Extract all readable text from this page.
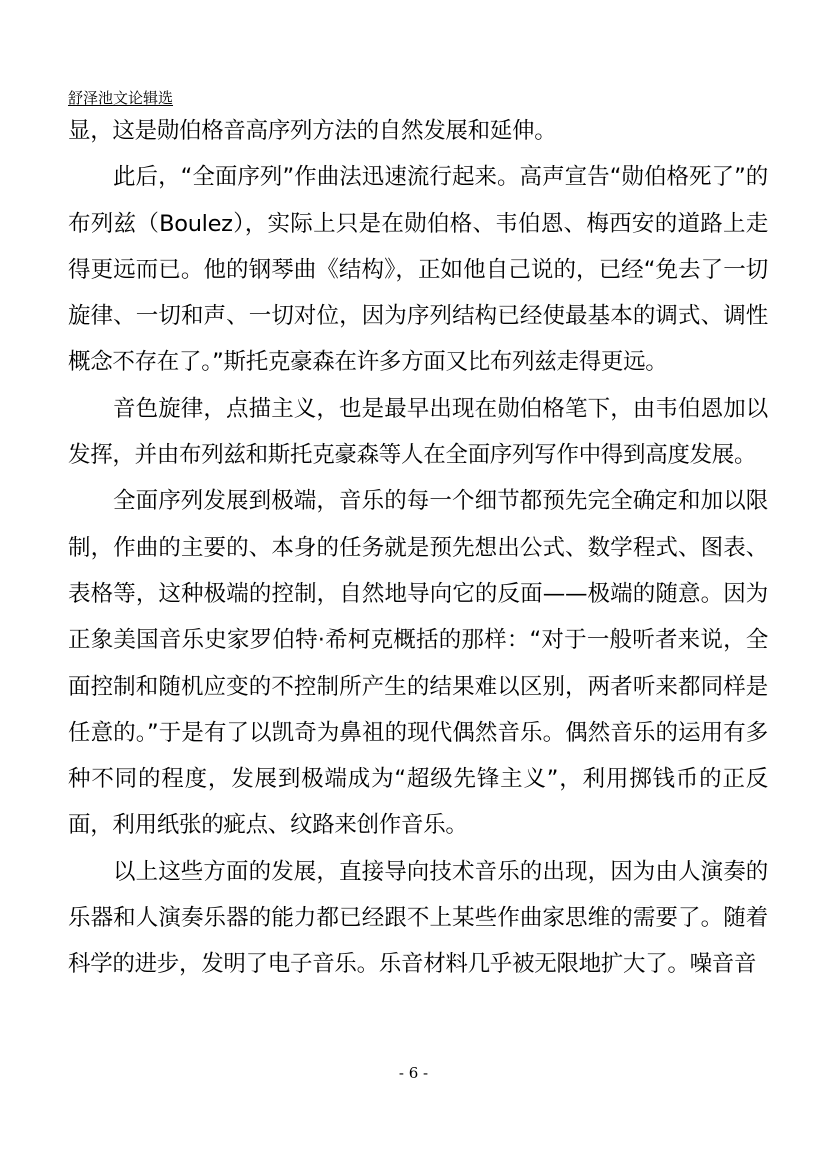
舒泽池文论辑选

显，这是勋伯格音高序列方法的自然发展和延伸。

此后，“全面序列”作曲法迅速流行起来。高声宣告“勋伯格死了”的布列兹（Boulez），实际上只是在勋伯格、韦伯恩、梅西安的道路上走得更远而已。他的钢琴曲《结构》，正如他自己说的，已经“免去了一切旋律、一切和声、一切对位，因为序列结构已经使最基本的调式、调性概念不存在了。”斯托克豪森在许多方面又比布列兹走得更远。

音色旋律，点描主义，也是最早出现在勋伯格笔下，由韦伯恩加以发挥，并由布列兹和斯托克豪森等人在全面序列写作中得到高度发展。

全面序列发展到极端，音乐的每一个细节都预先完全确定和加以限制，作曲的主要的、本身的任务就是预先想出公式、数学程式、图表、表格等，这种极端的控制，自然地导向它的反面——极端的随意。因为正象美国音乐史家罗伯特·希柯克概括的那样：“对于一般听者来说，全面控制和随机应变的不控制所产生的结果难以区别，两者听来都同样是任意的。”于是有了以凯奇为鼻祖的现代偶然音乐。偶然音乐的运用有多种不同的程度，发展到极端成为“超级先锋主义”，利用掷钱币的正反面，利用纸张的疵点、纹路来创作音乐。

以上这些方面的发展，直接导向技术音乐的出现，因为由人演奏的乐器和人演奏乐器的能力都已经跟不上某些作曲家思维的需要了。随着科学的进步，发明了电子音乐。乐音材料几乎被无限地扩大了。噪音音

- 6 -
